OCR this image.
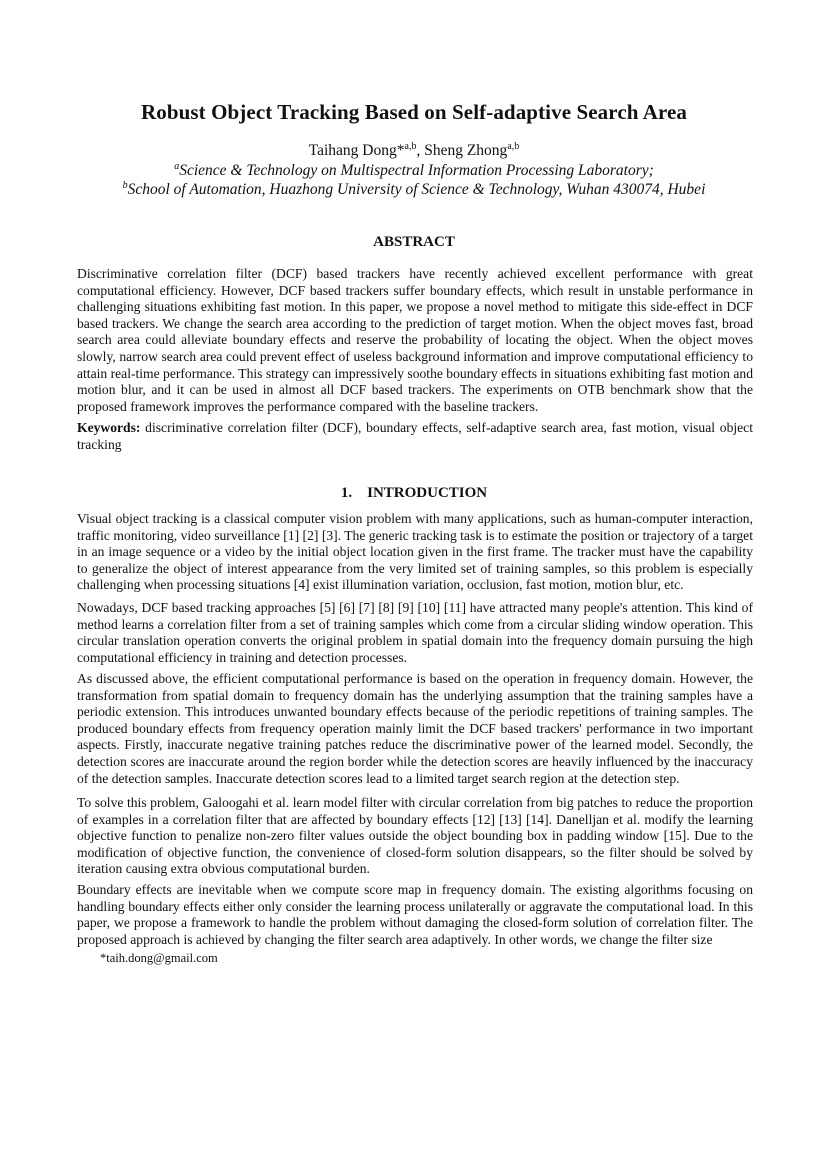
Robust Object Tracking Based on Self-adaptive Search Area
Taihang Dong*$^{a,b}$, Sheng Zhong$^{a,b}$
$^a$Science & Technology on Multispectral Information Processing Laboratory;
$^b$School of Automation, Huazhong University of Science & Technology, Wuhan 430074, Hubei
ABSTRACT
Discriminative correlation filter (DCF) based trackers have recently achieved excellent performance with great computational efficiency. However, DCF based trackers suffer boundary effects, which result in unstable performance in challenging situations exhibiting fast motion. In this paper, we propose a novel method to mitigate this side-effect in DCF based trackers. We change the search area according to the prediction of target motion. When the object moves fast, broad search area could alleviate boundary effects and reserve the probability of locating the object. When the object moves slowly, narrow search area could prevent effect of useless background information and improve computational efficiency to attain real-time performance. This strategy can impressively soothe boundary effects in situations exhibiting fast motion and motion blur, and it can be used in almost all DCF based trackers. The experiments on OTB benchmark show that the proposed framework improves the performance compared with the baseline trackers.
Keywords: discriminative correlation filter (DCF), boundary effects, self-adaptive search area, fast motion, visual object tracking
1.    INTRODUCTION
Visual object tracking is a classical computer vision problem with many applications, such as human-computer interaction, traffic monitoring, video surveillance [1] [2] [3]. The generic tracking task is to estimate the position or trajectory of a target in an image sequence or a video by the initial object location given in the first frame. The tracker must have the capability to generalize the object of interest appearance from the very limited set of training samples, so this problem is especially challenging when processing situations [4] exist illumination variation, occlusion, fast motion, motion blur, etc.
Nowadays, DCF based tracking approaches [5] [6] [7] [8] [9] [10] [11] have attracted many people's attention. This kind of method learns a correlation filter from a set of training samples which come from a circular sliding window operation. This circular translation operation converts the original problem in spatial domain into the frequency domain pursuing the high computational efficiency in training and detection processes.
As discussed above, the efficient computational performance is based on the operation in frequency domain. However, the transformation from spatial domain to frequency domain has the underlying assumption that the training samples have a periodic extension. This introduces unwanted boundary effects because of the periodic repetitions of training samples. The produced boundary effects from frequency operation mainly limit the DCF based trackers' performance in two important aspects. Firstly, inaccurate negative training patches reduce the discriminative power of the learned model. Secondly, the detection scores are inaccurate around the region border while the detection scores are heavily influenced by the inaccuracy of the detection samples. Inaccurate detection scores lead to a limited target search region at the detection step.
To solve this problem, Galoogahi et al. learn model filter with circular correlation from big patches to reduce the proportion of examples in a correlation filter that are affected by boundary effects [12] [13] [14]. Danelljan et al. modify the learning objective function to penalize non-zero filter values outside the object bounding box in padding window [15]. Due to the modification of objective function, the convenience of closed-form solution disappears, so the filter should be solved by iteration causing extra obvious computational burden.
Boundary effects are inevitable when we compute score map in frequency domain. The existing algorithms focusing on handling boundary effects either only consider the learning process unilaterally or aggravate the computational load. In this paper, we propose a framework to handle the problem without damaging the closed-form solution of correlation filter. The proposed approach is achieved by changing the filter search area adaptively. In other words, we change the filter size
*taih.dong@gmail.com
